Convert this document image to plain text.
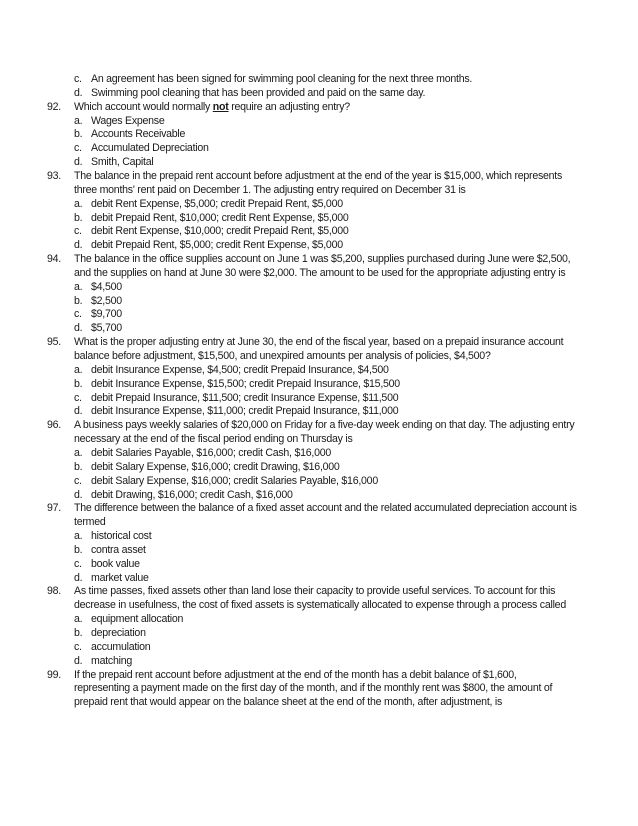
c. An agreement has been signed for swimming pool cleaning for the next three months.
d. Swimming pool cleaning that has been provided and paid on the same day.
92. Which account would normally not require an adjusting entry?
a. Wages Expense
b. Accounts Receivable
c. Accumulated Depreciation
d. Smith, Capital
93. The balance in the prepaid rent account before adjustment at the end of the year is $15,000, which represents
three months' rent paid on December 1. The adjusting entry required on December 31 is
a. debit Rent Expense, $5,000; credit Prepaid Rent, $5,000
b. debit Prepaid Rent, $10,000; credit Rent Expense, $5,000
c. debit Rent Expense, $10,000; credit Prepaid Rent, $5,000
d. debit Prepaid Rent, $5,000; credit Rent Expense, $5,000
94. The balance in the office supplies account on June 1 was $5,200, supplies purchased during June were $2,500,
and the supplies on hand at June 30 were $2,000. The amount to be used for the appropriate adjusting entry is
a. $4,500
b. $2,500
c. $9,700
d. $5,700
95. What is the proper adjusting entry at June 30, the end of the fiscal year, based on a prepaid insurance account
balance before adjustment, $15,500, and unexpired amounts per analysis of policies, $4,500?
a. debit Insurance Expense, $4,500; credit Prepaid Insurance, $4,500
b. debit Insurance Expense, $15,500; credit Prepaid Insurance, $15,500
c. debit Prepaid Insurance, $11,500; credit Insurance Expense, $11,500
d. debit Insurance Expense, $11,000; credit Prepaid Insurance, $11,000
96. A business pays weekly salaries of $20,000 on Friday for a five-day week ending on that day. The adjusting entry
necessary at the end of the fiscal period ending on Thursday is
a. debit Salaries Payable, $16,000; credit Cash, $16,000
b. debit Salary Expense, $16,000; credit Drawing, $16,000
c. debit Salary Expense, $16,000; credit Salaries Payable, $16,000
d. debit Drawing, $16,000; credit Cash, $16,000
97. The difference between the balance of a fixed asset account and the related accumulated depreciation account is
termed
a. historical cost
b. contra asset
c. book value
d. market value
98. As time passes, fixed assets other than land lose their capacity to provide useful services. To account for this
decrease in usefulness, the cost of fixed assets is systematically allocated to expense through a process called
a. equipment allocation
b. depreciation
c. accumulation
d. matching
99. If the prepaid rent account before adjustment at the end of the month has a debit balance of $1,600,
representing a payment made on the first day of the month, and if the monthly rent was $800, the amount of
prepaid rent that would appear on the balance sheet at the end of the month, after adjustment, is
